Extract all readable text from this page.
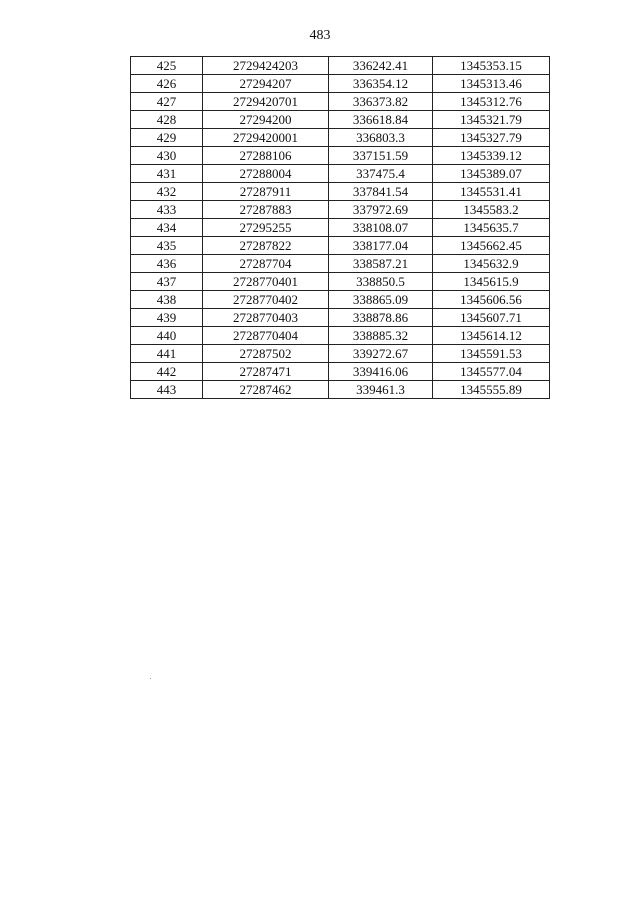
483
425	2729424203	336242.41	1345353.15
426	27294207	336354.12	1345313.46
427	2729420701	336373.82	1345312.76
428	27294200	336618.84	1345321.79
429	2729420001	336803.3	1345327.79
430	27288106	337151.59	1345339.12
431	27288004	337475.4	1345389.07
432	27287911	337841.54	1345531.41
433	27287883	337972.69	1345583.2
434	27295255	338108.07	1345635.7
435	27287822	338177.04	1345662.45
436	27287704	338587.21	1345632.9
437	2728770401	338850.5	1345615.9
438	2728770402	338865.09	1345606.56
439	2728770403	338878.86	1345607.71
440	2728770404	338885.32	1345614.12
441	27287502	339272.67	1345591.53
442	27287471	339416.06	1345577.04
443	27287462	339461.3	1345555.89
